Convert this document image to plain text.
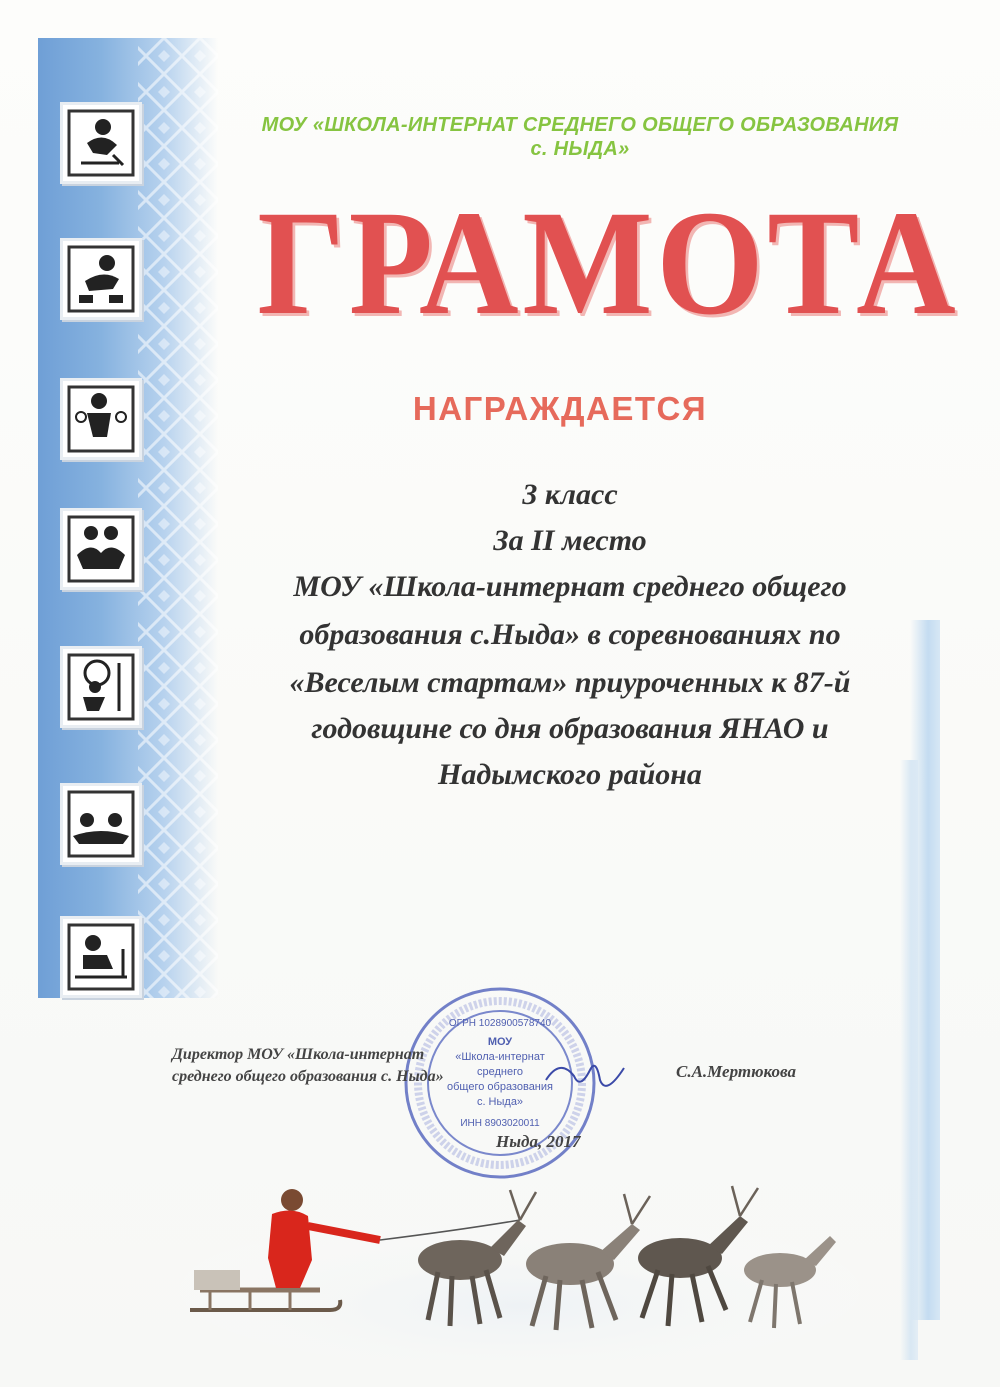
МОУ «ШКОЛА-ИНТЕРНАТ СРЕДНЕГО ОБЩЕГО ОБРАЗОВАНИЯ
с. НЫДА»
ГРАМОТА
НАГРАЖДАЕТСЯ
3 класс
За II место
МОУ «Школа-интернат среднего общего
образования с.Ныда» в соревнованиях по
«Веселым стартам» приуроченных к 87-й
годовщине со дня образования ЯНАО и
Надымского района
ОГРН 1028900578740
МОУ
«Школа-интернат
среднего
общего образования
с. Ныда»
ИНН 8903020011
Директор МОУ «Школа-интернат
среднего общего образования с. Ныда»	С.А.Мертюкова
Ныда, 2017
